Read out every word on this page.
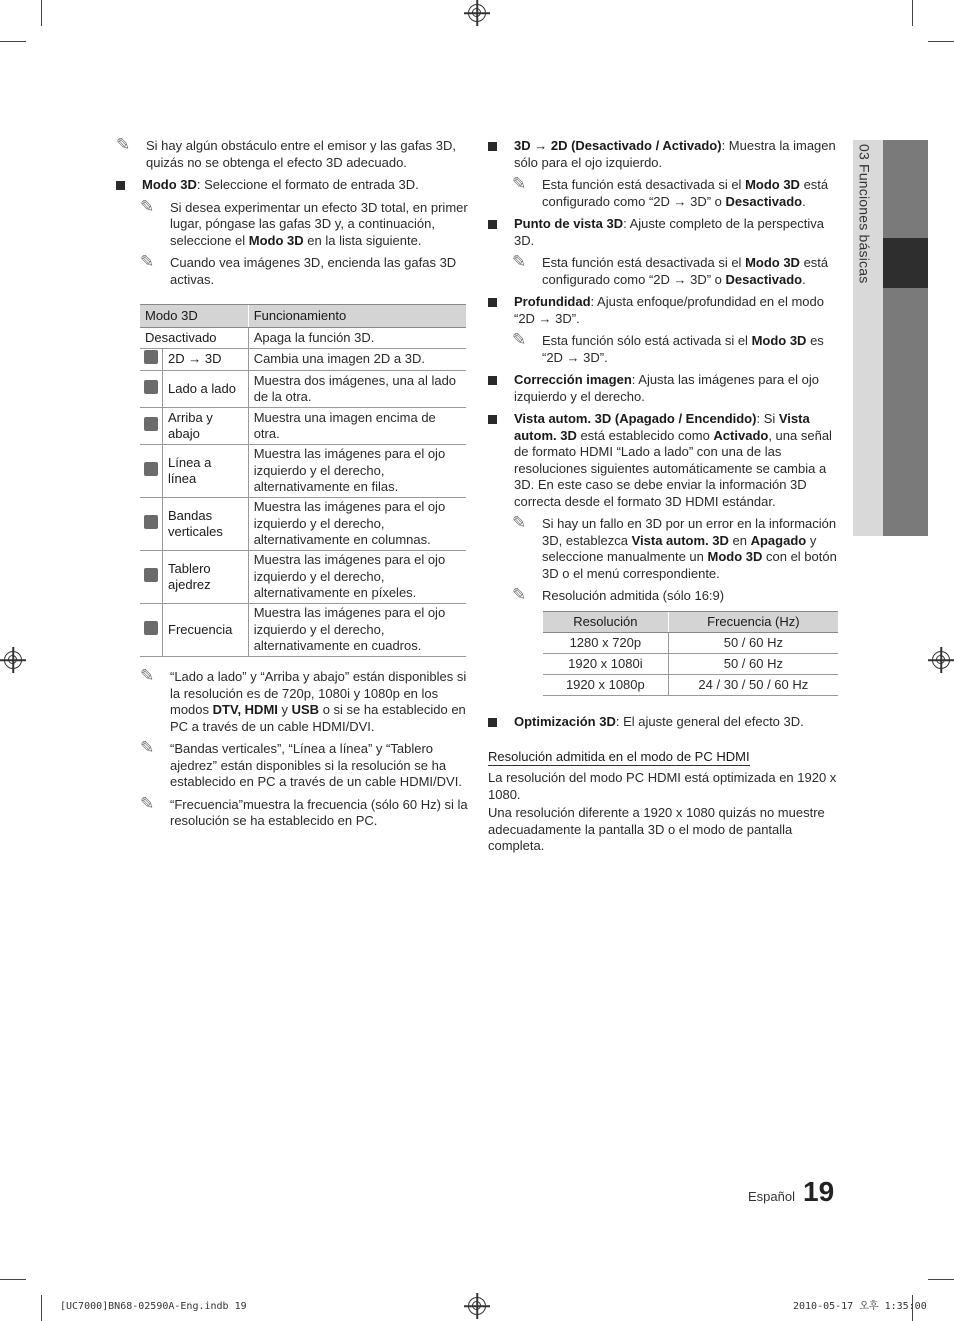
03 Funciones básicas
✎ Si hay algún obstáculo entre el emisor y las gafas 3D, quizás no se obtenga el efecto 3D adecuado.
Modo 3D: Seleccione el formato de entrada 3D.
✎ Si desea experimentar un efecto 3D total, en primer lugar, póngase las gafas 3D y, a continuación, seleccione el Modo 3D en la lista siguiente.
✎ Cuando vea imágenes 3D, encienda las gafas 3D activas.
Modo 3D		Funcionamiento
Desactivado		Apaga la función 3D.
	2D → 3D	Cambia una imagen 2D a 3D.
	Lado a lado	Muestra dos imágenes, una al lado de la otra.
	Arriba y abajo	Muestra una imagen encima de otra.
	Línea a línea	Muestra las imágenes para el ojo izquierdo y el derecho, alternativamente en filas.
	Bandas verticales	Muestra las imágenes para el ojo izquierdo y el derecho, alternativamente en columnas.
	Tablero ajedrez	Muestra las imágenes para el ojo izquierdo y el derecho, alternativamente en píxeles.
	Frecuencia	Muestra las imágenes para el ojo izquierdo y el derecho, alternativamente en cuadros.
✎ “Lado a lado” y “Arriba y abajo” están disponibles si la resolución es de 720p, 1080i y 1080p en los modos DTV, HDMI y USB o si se ha establecido en PC a través de un cable HDMI/DVI.
✎ “Bandas verticales”, “Línea a línea” y “Tablero ajedrez” están disponibles si la resolución se ha establecido en PC a través de un cable HDMI/DVI.
✎ “Frecuencia”muestra la frecuencia (sólo 60 Hz) si la resolución se ha establecido en PC.
3D → 2D (Desactivado / Activado): Muestra la imagen sólo para el ojo izquierdo.
✎ Esta función está desactivada si el Modo 3D está configurado como “2D → 3D” o Desactivado.
Punto de vista 3D: Ajuste completo de la perspectiva 3D.
✎ Esta función está desactivada si el Modo 3D está configurado como “2D → 3D” o Desactivado.
Profundidad: Ajusta enfoque/profundidad en el modo “2D → 3D”.
✎ Esta función sólo está activada si el Modo 3D es “2D → 3D”.
Corrección imagen: Ajusta las imágenes para el ojo izquierdo y el derecho.
Vista autom. 3D (Apagado / Encendido): Si Vista autom. 3D está establecido como Activado, una señal de formato HDMI “Lado a lado” con una de las resoluciones siguientes automáticamente se cambia a 3D. En este caso se debe enviar la información 3D correcta desde el formato 3D HDMI estándar.
✎ Si hay un fallo en 3D por un error en la información 3D, establezca Vista autom. 3D en Apagado y seleccione manualmente un Modo 3D con el botón 3D o el menú correspondiente.
✎ Resolución admitida (sólo 16:9)
Resolución	Frecuencia (Hz)
1280 x 720p	50 / 60 Hz
1920 x 1080i	50 / 60 Hz
1920 x 1080p	24 / 30 / 50 / 60 Hz
Optimización 3D: El ajuste general del efecto 3D.
Resolución admitida en el modo de PC HDMI

La resolución del modo PC HDMI está optimizada en 1920 x 1080.

Una resolución diferente a 1920 x 1080 quizás no muestre adecuadamente la pantalla 3D o el modo de pantalla completa.

Español 19
[UC7000]BN68-02590A-Eng.indb 19	2010-05-17 오후 1:35:00
